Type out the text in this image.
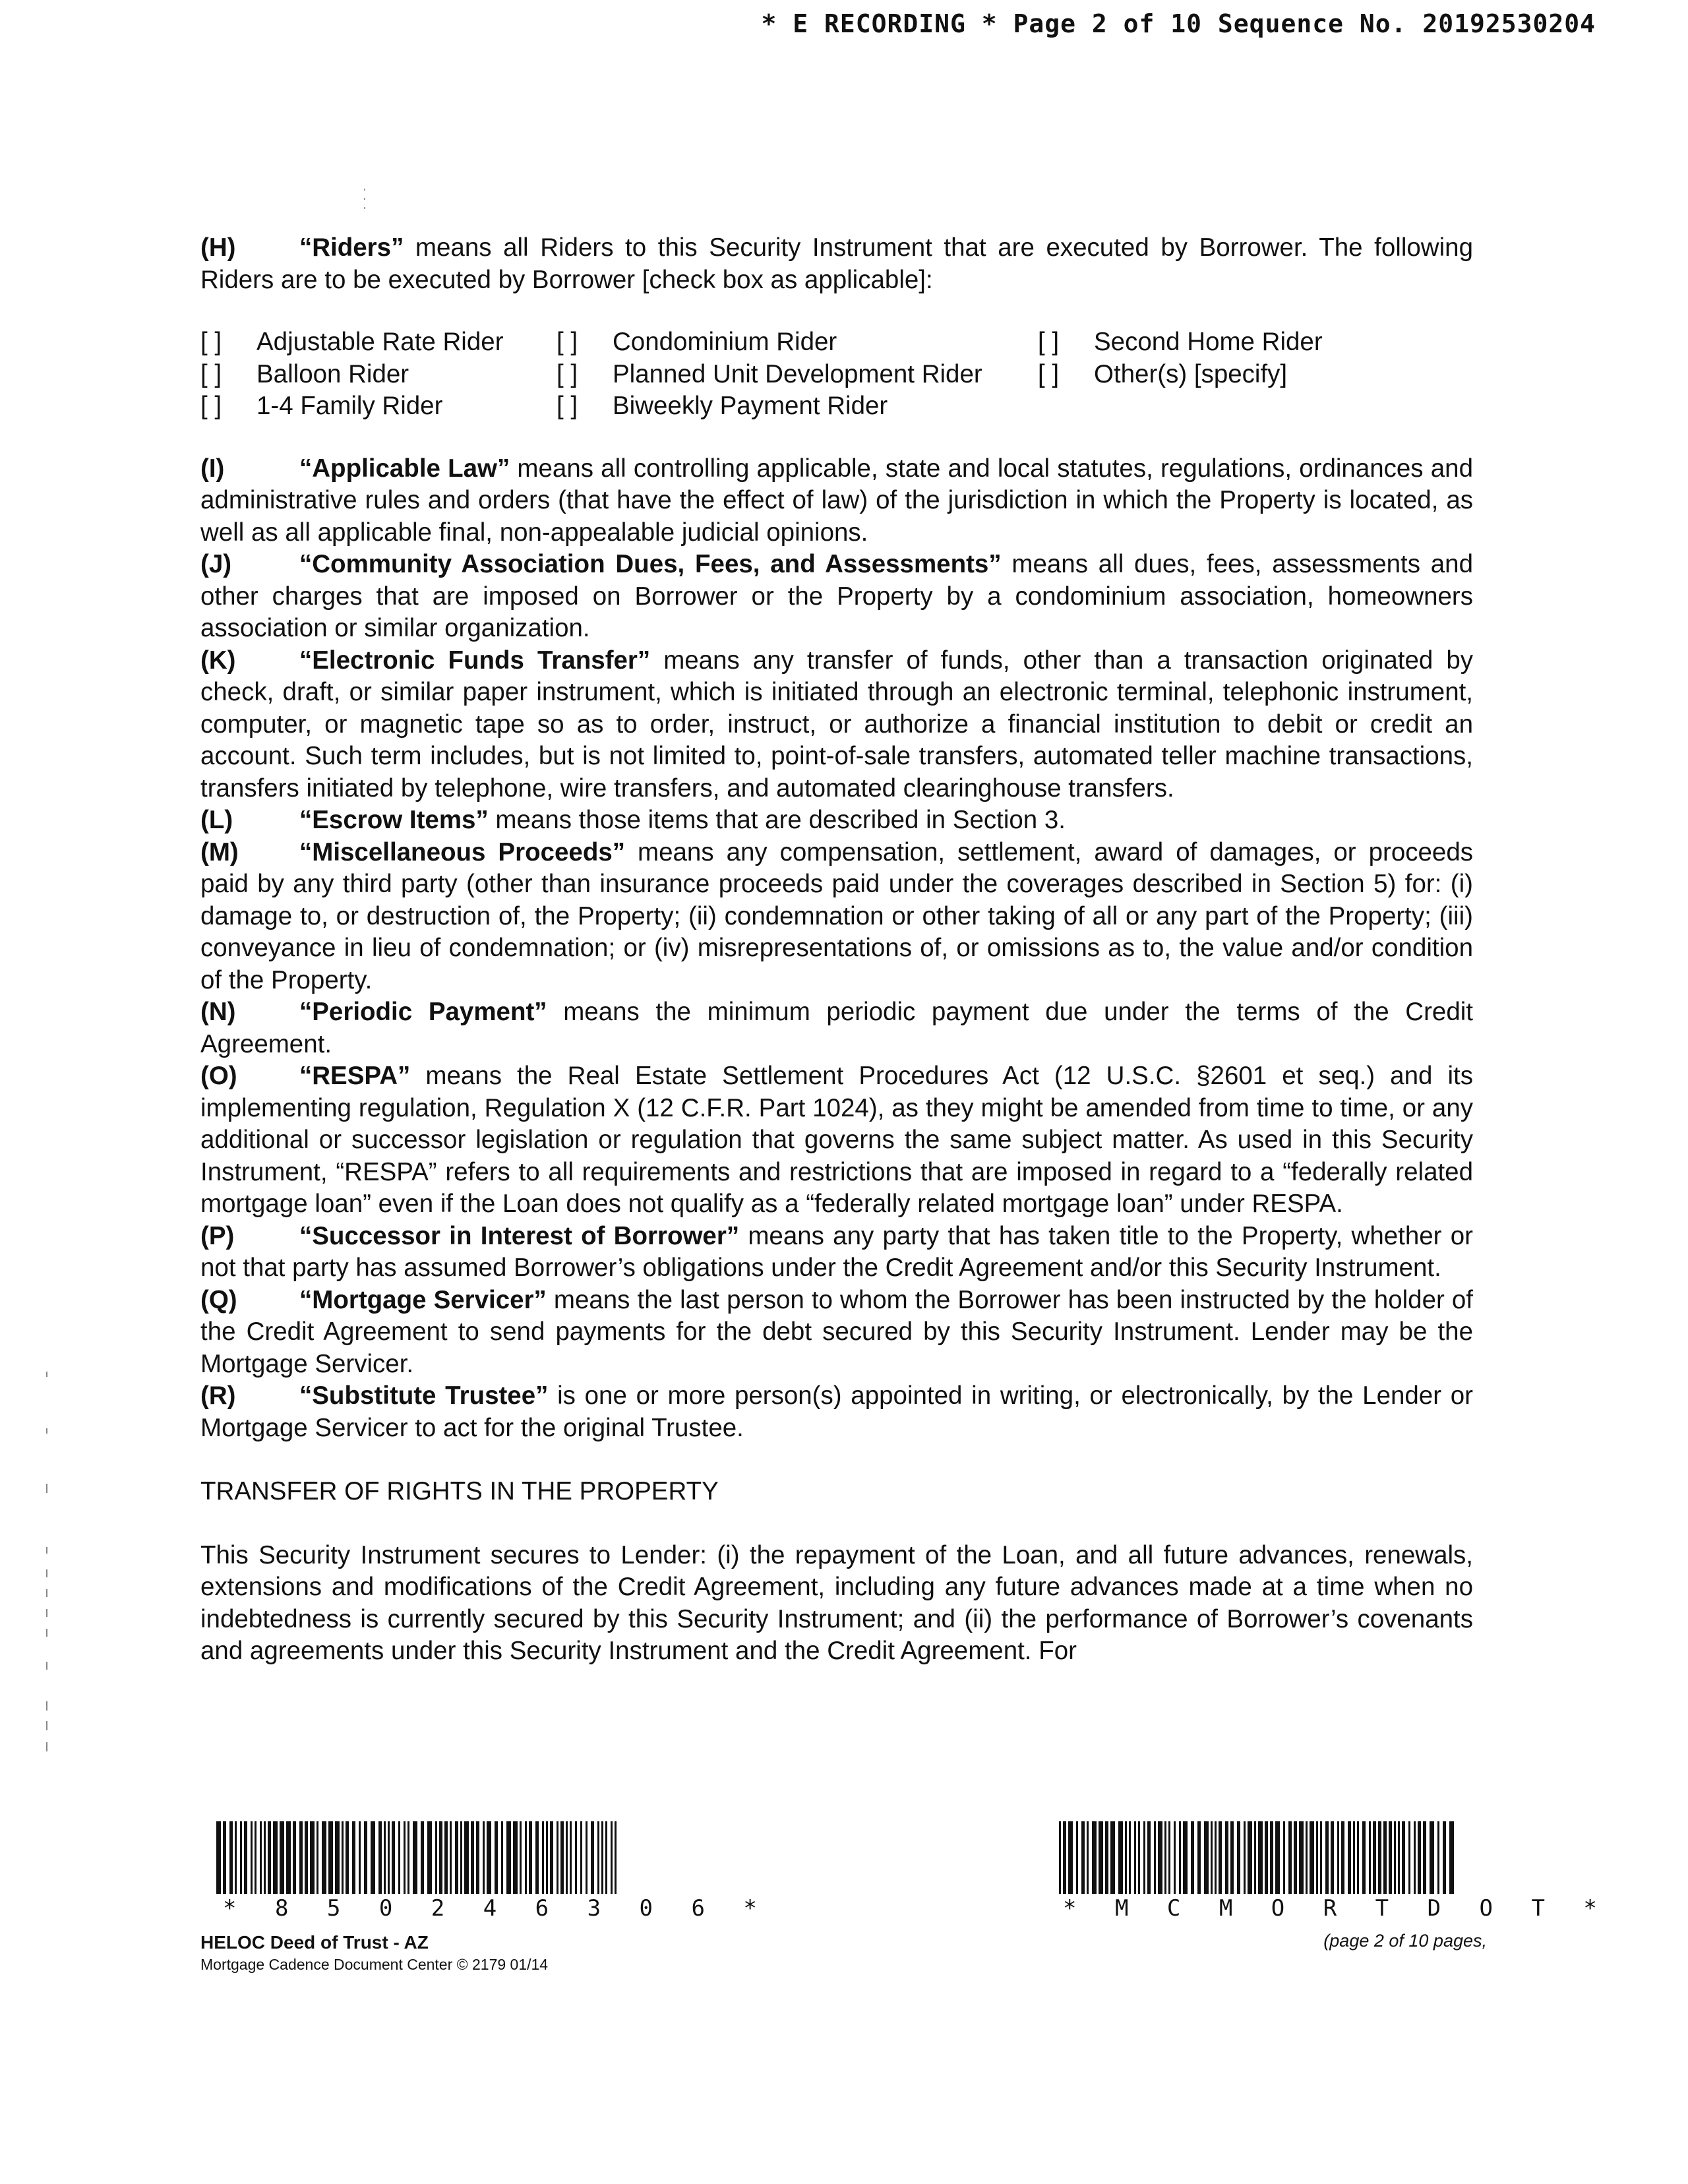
* E RECORDING * Page 2 of 10 Sequence No. 20192530204

(H)	“Riders” means all Riders to this Security Instrument that are executed by Borrower. The following Riders are to be executed by Borrower [check box as applicable]:

[ ] Adjustable Rate Rider	[ ] Condominium Rider	[ ] Second Home Rider
[ ] Balloon Rider	[ ] Planned Unit Development Rider	[ ] Other(s) [specify]
[ ] 1-4 Family Rider	[ ] Biweekly Payment Rider

(I)	“Applicable Law” means all controlling applicable, state and local statutes, regulations, ordinances and administrative rules and orders (that have the effect of law) of the jurisdiction in which the Property is located, as well as all applicable final, non-appealable judicial opinions.

(J)	“Community Association Dues, Fees, and Assessments” means all dues, fees, assessments and other charges that are imposed on Borrower or the Property by a condominium association, homeowners association or similar organization.

(K)	“Electronic Funds Transfer” means any transfer of funds, other than a transaction originated by check, draft, or similar paper instrument, which is initiated through an electronic terminal, telephonic instrument, computer, or magnetic tape so as to order, instruct, or authorize a financial institution to debit or credit an account. Such term includes, but is not limited to, point-of-sale transfers, automated teller machine transactions, transfers initiated by telephone, wire transfers, and automated clearinghouse transfers.

(L)	“Escrow Items” means those items that are described in Section 3.

(M) “Miscellaneous Proceeds” means any compensation, settlement, award of damages, or proceeds paid by any third party (other than insurance proceeds paid under the coverages described in Section 5) for: (i) damage to, or destruction of, the Property; (ii) condemnation or other taking of all or any part of the Property; (iii) conveyance in lieu of condemnation; or (iv) misrepresentations of, or omissions as to, the value and/or condition of the Property.

(N)	“Periodic Payment” means the minimum periodic payment due under the terms of the Credit Agreement.

(O) “RESPA” means the Real Estate Settlement Procedures Act (12 U.S.C. §2601 et seq.) and its implementing regulation, Regulation X (12 C.F.R. Part 1024), as they might be amended from time to time, or any additional or successor legislation or regulation that governs the same subject matter. As used in this Security Instrument, “RESPA” refers to all requirements and restrictions that are imposed in regard to a “federally related mortgage loan” even if the Loan does not qualify as a “federally related mortgage loan” under RESPA.

(P)	“Successor in Interest of Borrower” means any party that has taken title to the Property, whether or not that party has assumed Borrower’s obligations under the Credit Agreement and/or this Security Instrument.

(Q) “Mortgage Servicer” means the last person to whom the Borrower has been instructed by the holder of the Credit Agreement to send payments for the debt secured by this Security Instrument. Lender may be the Mortgage Servicer.

(R)	“Substitute Trustee” is one or more person(s) appointed in writing, or electronically, by the Lender or Mortgage Servicer to act for the original Trustee.

TRANSFER OF RIGHTS IN THE PROPERTY

This Security Instrument secures to Lender: (i) the repayment of the Loan, and all future advances, renewals, extensions and modifications of the Credit Agreement, including any future advances made at a time when no indebtedness is currently secured by this Security Instrument; and (ii) the performance of Borrower’s covenants and agreements under this Security Instrument and the Credit Agreement. For

* 8 5 0 2 4 6 3 0 6 *	* M C M O R T D O T *
HELOC Deed of Trust - AZ
Mortgage Cadence Document Center © 2179 01/14
(page 2 of 10 pages,
